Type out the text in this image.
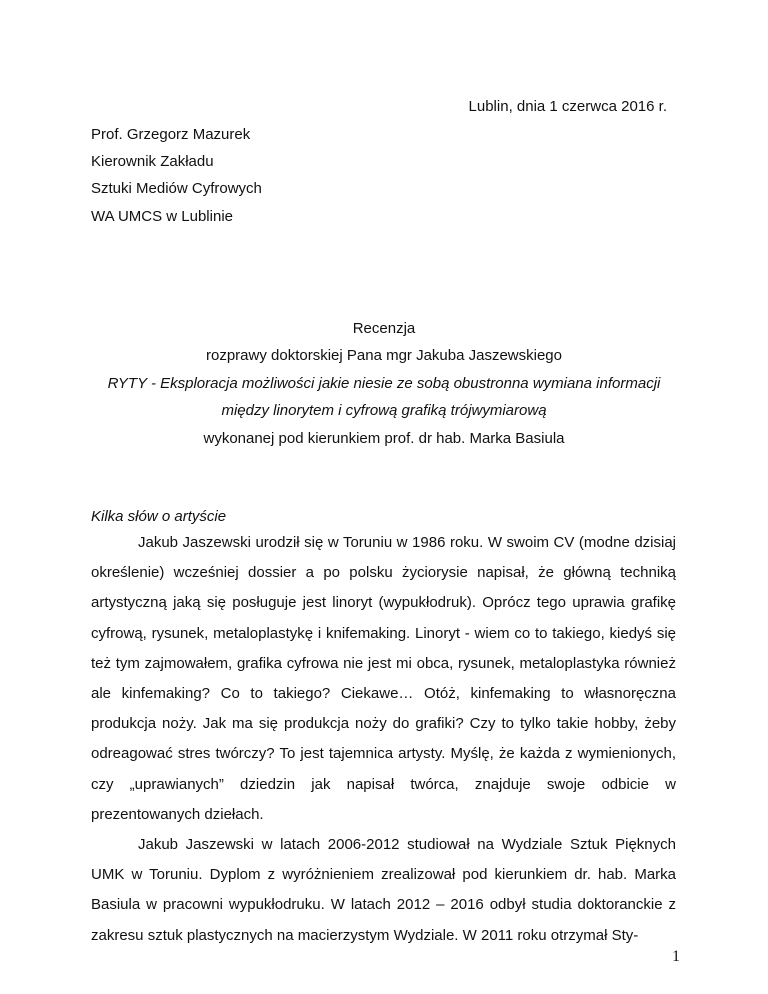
Lublin, dnia 1 czerwca 2016 r.
Prof. Grzegorz Mazurek
Kierownik Zakładu
Sztuki Mediów Cyfrowych
WA UMCS w Lublinie
Recenzja
rozprawy doktorskiej Pana mgr Jakuba Jaszewskiego
RYTY - Eksploracja możliwości jakie niesie ze sobą obustronna wymiana informacji
między linorytem i cyfrową grafiką trójwymiarową
wykonanej pod kierunkiem prof. dr hab. Marka Basiula
Kilka słów o artyście

Jakub Jaszewski urodził się w Toruniu w 1986 roku. W swoim CV (modne dzisiaj określenie) wcześniej dossier a po polsku życiorysie napisał, że główną techniką artystyczną jaką się posługuje jest linoryt (wypukłodruk). Oprócz tego uprawia grafikę cyfrową, rysunek, metaloplastykę i knifemaking. Linoryt - wiem co to takiego, kiedyś się też tym zajmowałem, grafika cyfrowa nie jest mi obca, rysunek, metaloplastyka również ale kinfemaking? Co to takiego? Ciekawe… Otóż, kinfemaking to własnoręczna produkcja noży. Jak ma się produkcja noży do grafiki? Czy to tylko takie hobby, żeby odreagować stres twórczy? To jest tajemnica artysty. Myślę, że każda z wymienionych, czy „uprawianych” dziedzin jak napisał twórca, znajduje swoje odbicie w prezentowanych dziełach.

Jakub Jaszewski w latach 2006-2012 studiował na Wydziale Sztuk Pięknych UMK w Toruniu. Dyplom z wyróżnieniem zrealizował pod kierunkiem dr. hab. Marka Basiula w pracowni wypukłodruku. W latach 2012 – 2016 odbył studia doktoranckie z zakresu sztuk plastycznych na macierzystym Wydziale. W 2011 roku otrzymał Sty-

1
